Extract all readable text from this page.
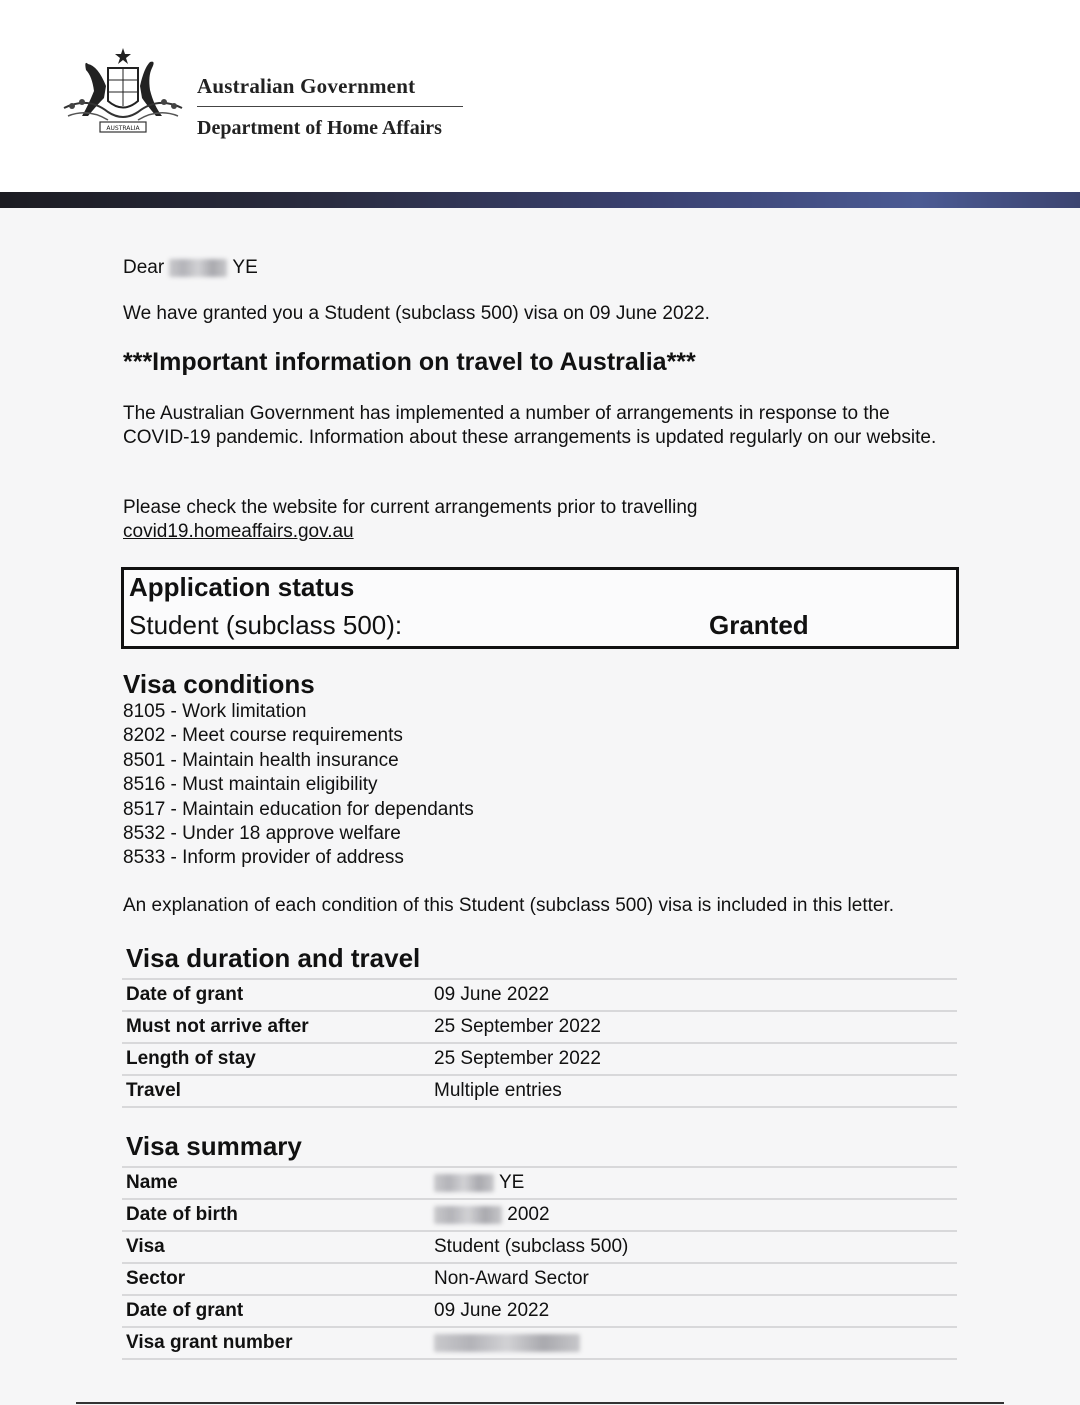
AUSTRALIA
Australian Government
Department of Home Affairs
Dear	YE
We have granted you a Student (subclass 500) visa on 09 June 2022.
***Important information on travel to Australia***
The Australian Government has implemented a number of arrangements in response to the COVID-19 pandemic. Information about these arrangements is updated regularly on our website.
Please check the website for current arrangements prior to travelling
covid19.homeaffairs.gov.au
Application status
Student (subclass 500):	Granted
Visa conditions
8105 - Work limitation
8202 - Meet course requirements
8501 - Maintain health insurance
8516 - Must maintain eligibility
8517 - Maintain education for dependants
8532 - Under 18 approve welfare
8533 - Inform provider of address
An explanation of each condition of this Student (subclass 500) visa is included in this letter.
Visa duration and travel
Date of grant	09 June 2022
Must not arrive after	25 September 2022
Length of stay	25 September 2022
Travel	Multiple entries
Visa summary
Name	YE
Date of birth	2002
Visa	Student (subclass 500)
Sector	Non-Award Sector
Date of grant	09 June 2022
Visa grant number	
